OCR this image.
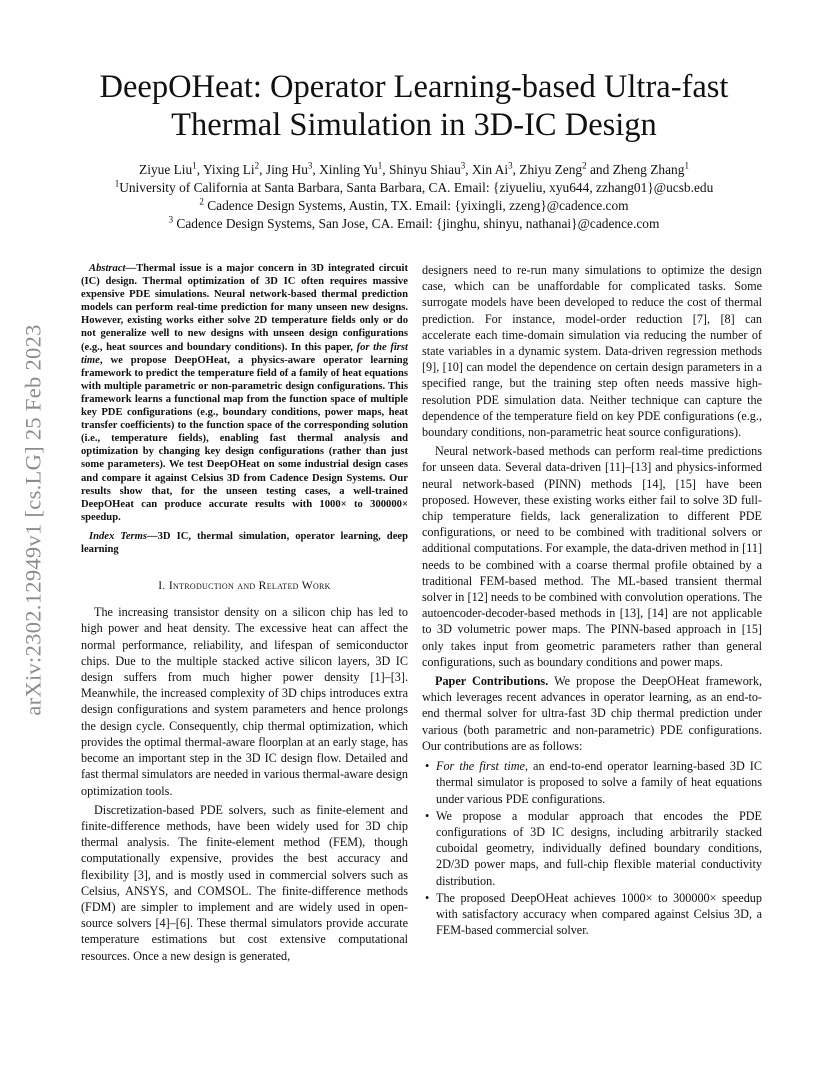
arXiv:2302.12949v1 [cs.LG] 25 Feb 2023
DeepOHeat: Operator Learning-based Ultra-fast
Thermal Simulation in 3D-IC Design
Ziyue Liu$^1$, Yixing Li$^2$, Jing Hu$^3$, Xinling Yu$^1$, Shinyu Shiau$^3$, Xin Ai$^3$, Zhiyu Zeng$^2$ and Zheng Zhang$^1$
$^1$University of California at Santa Barbara, Santa Barbara, CA. Email: {ziyueliu, xyu644, zzhang01}@ucsb.edu
$^2$ Cadence Design Systems, Austin, TX. Email: {yixingli, zzeng}@cadence.com
$^3$ Cadence Design Systems, San Jose, CA. Email: {jinghu, shinyu, nathanai}@cadence.com

Abstract—Thermal issue is a major concern in 3D integrated circuit (IC) design. Thermal optimization of 3D IC often requires massive expensive PDE simulations. Neural network-based thermal prediction models can perform real-time prediction for many unseen new designs. However, existing works either solve 2D temperature fields only or do not generalize well to new designs with unseen design configurations (e.g., heat sources and boundary conditions). In this paper, for the first time, we propose DeepOHeat, a physics-aware operator learning framework to predict the temperature field of a family of heat equations with multiple parametric or non-parametric design configurations. This framework learns a functional map from the function space of multiple key PDE configurations (e.g., boundary conditions, power maps, heat transfer coefficients) to the function space of the corresponding solution (i.e., temperature fields), enabling fast thermal analysis and optimization by changing key design configurations (rather than just some parameters). We test DeepOHeat on some industrial design cases and compare it against Celsius 3D from Cadence Design Systems. Our results show that, for the unseen testing cases, a well-trained DeepOHeat can produce accurate results with 1000× to 300000× speedup.

Index Terms—3D IC, thermal simulation, operator learning, deep learning

I. Introduction and Related Work

The increasing transistor density on a silicon chip has led to high power and heat density. The excessive heat can affect the normal performance, reliability, and lifespan of semiconductor chips. Due to the multiple stacked active silicon layers, 3D IC design suffers from much higher power density [1]–[3]. Meanwhile, the increased complexity of 3D chips introduces extra design configurations and system parameters and hence prolongs the design cycle. Consequently, chip thermal optimization, which provides the optimal thermal-aware floorplan at an early stage, has become an important step in the 3D IC design flow. Detailed and fast thermal simulators are needed in various thermal-aware design optimization tools.

Discretization-based PDE solvers, such as finite-element and finite-difference methods, have been widely used for 3D chip thermal analysis. The finite-element method (FEM), though computationally expensive, provides the best accuracy and flexibility [3], and is mostly used in commercial solvers such as Celsius, ANSYS, and COMSOL. The finite-difference methods (FDM) are simpler to implement and are widely used in open-source solvers [4]–[6]. These thermal simulators provide accurate temperature estimations but cost extensive computational resources. Once a new design is generated,

designers need to re-run many simulations to optimize the design case, which can be unaffordable for complicated tasks. Some surrogate models have been developed to reduce the cost of thermal prediction. For instance, model-order reduction [7], [8] can accelerate each time-domain simulation via reducing the number of state variables in a dynamic system. Data-driven regression methods [9], [10] can model the dependence on certain design parameters in a specified range, but the training step often needs massive high-resolution PDE simulation data. Neither technique can capture the dependence of the temperature field on key PDE configurations (e.g., boundary conditions, non-parametric heat source configurations).

Neural network-based methods can perform real-time predictions for unseen data. Several data-driven [11]–[13] and physics-informed neural network-based (PINN) methods [14], [15] have been proposed. However, these existing works either fail to solve 3D full-chip temperature fields, lack generalization to different PDE configurations, or need to be combined with traditional solvers or additional computations. For example, the data-driven method in [11] needs to be combined with a coarse thermal profile obtained by a traditional FEM-based method. The ML-based transient thermal solver in [12] needs to be combined with convolution operations. The autoencoder-decoder-based methods in [13], [14] are not applicable to 3D volumetric power maps. The PINN-based approach in [15] only takes input from geometric parameters rather than general configurations, such as boundary conditions and power maps.

Paper Contributions. We propose the DeepOHeat framework, which leverages recent advances in operator learning, as an end-to-end thermal solver for ultra-fast 3D chip thermal prediction under various (both parametric and non-parametric) PDE configurations. Our contributions are as follows:

• For the first time, an end-to-end operator learning-based 3D IC thermal simulator is proposed to solve a family of heat equations under various PDE configurations.
• We propose a modular approach that encodes the PDE configurations of 3D IC designs, including arbitrarily stacked cuboidal geometry, individually defined boundary conditions, 2D/3D power maps, and full-chip flexible material conductivity distribution.
• The proposed DeepOHeat achieves 1000× to 300000× speedup with satisfactory accuracy when compared against Celsius 3D, a FEM-based commercial solver.
